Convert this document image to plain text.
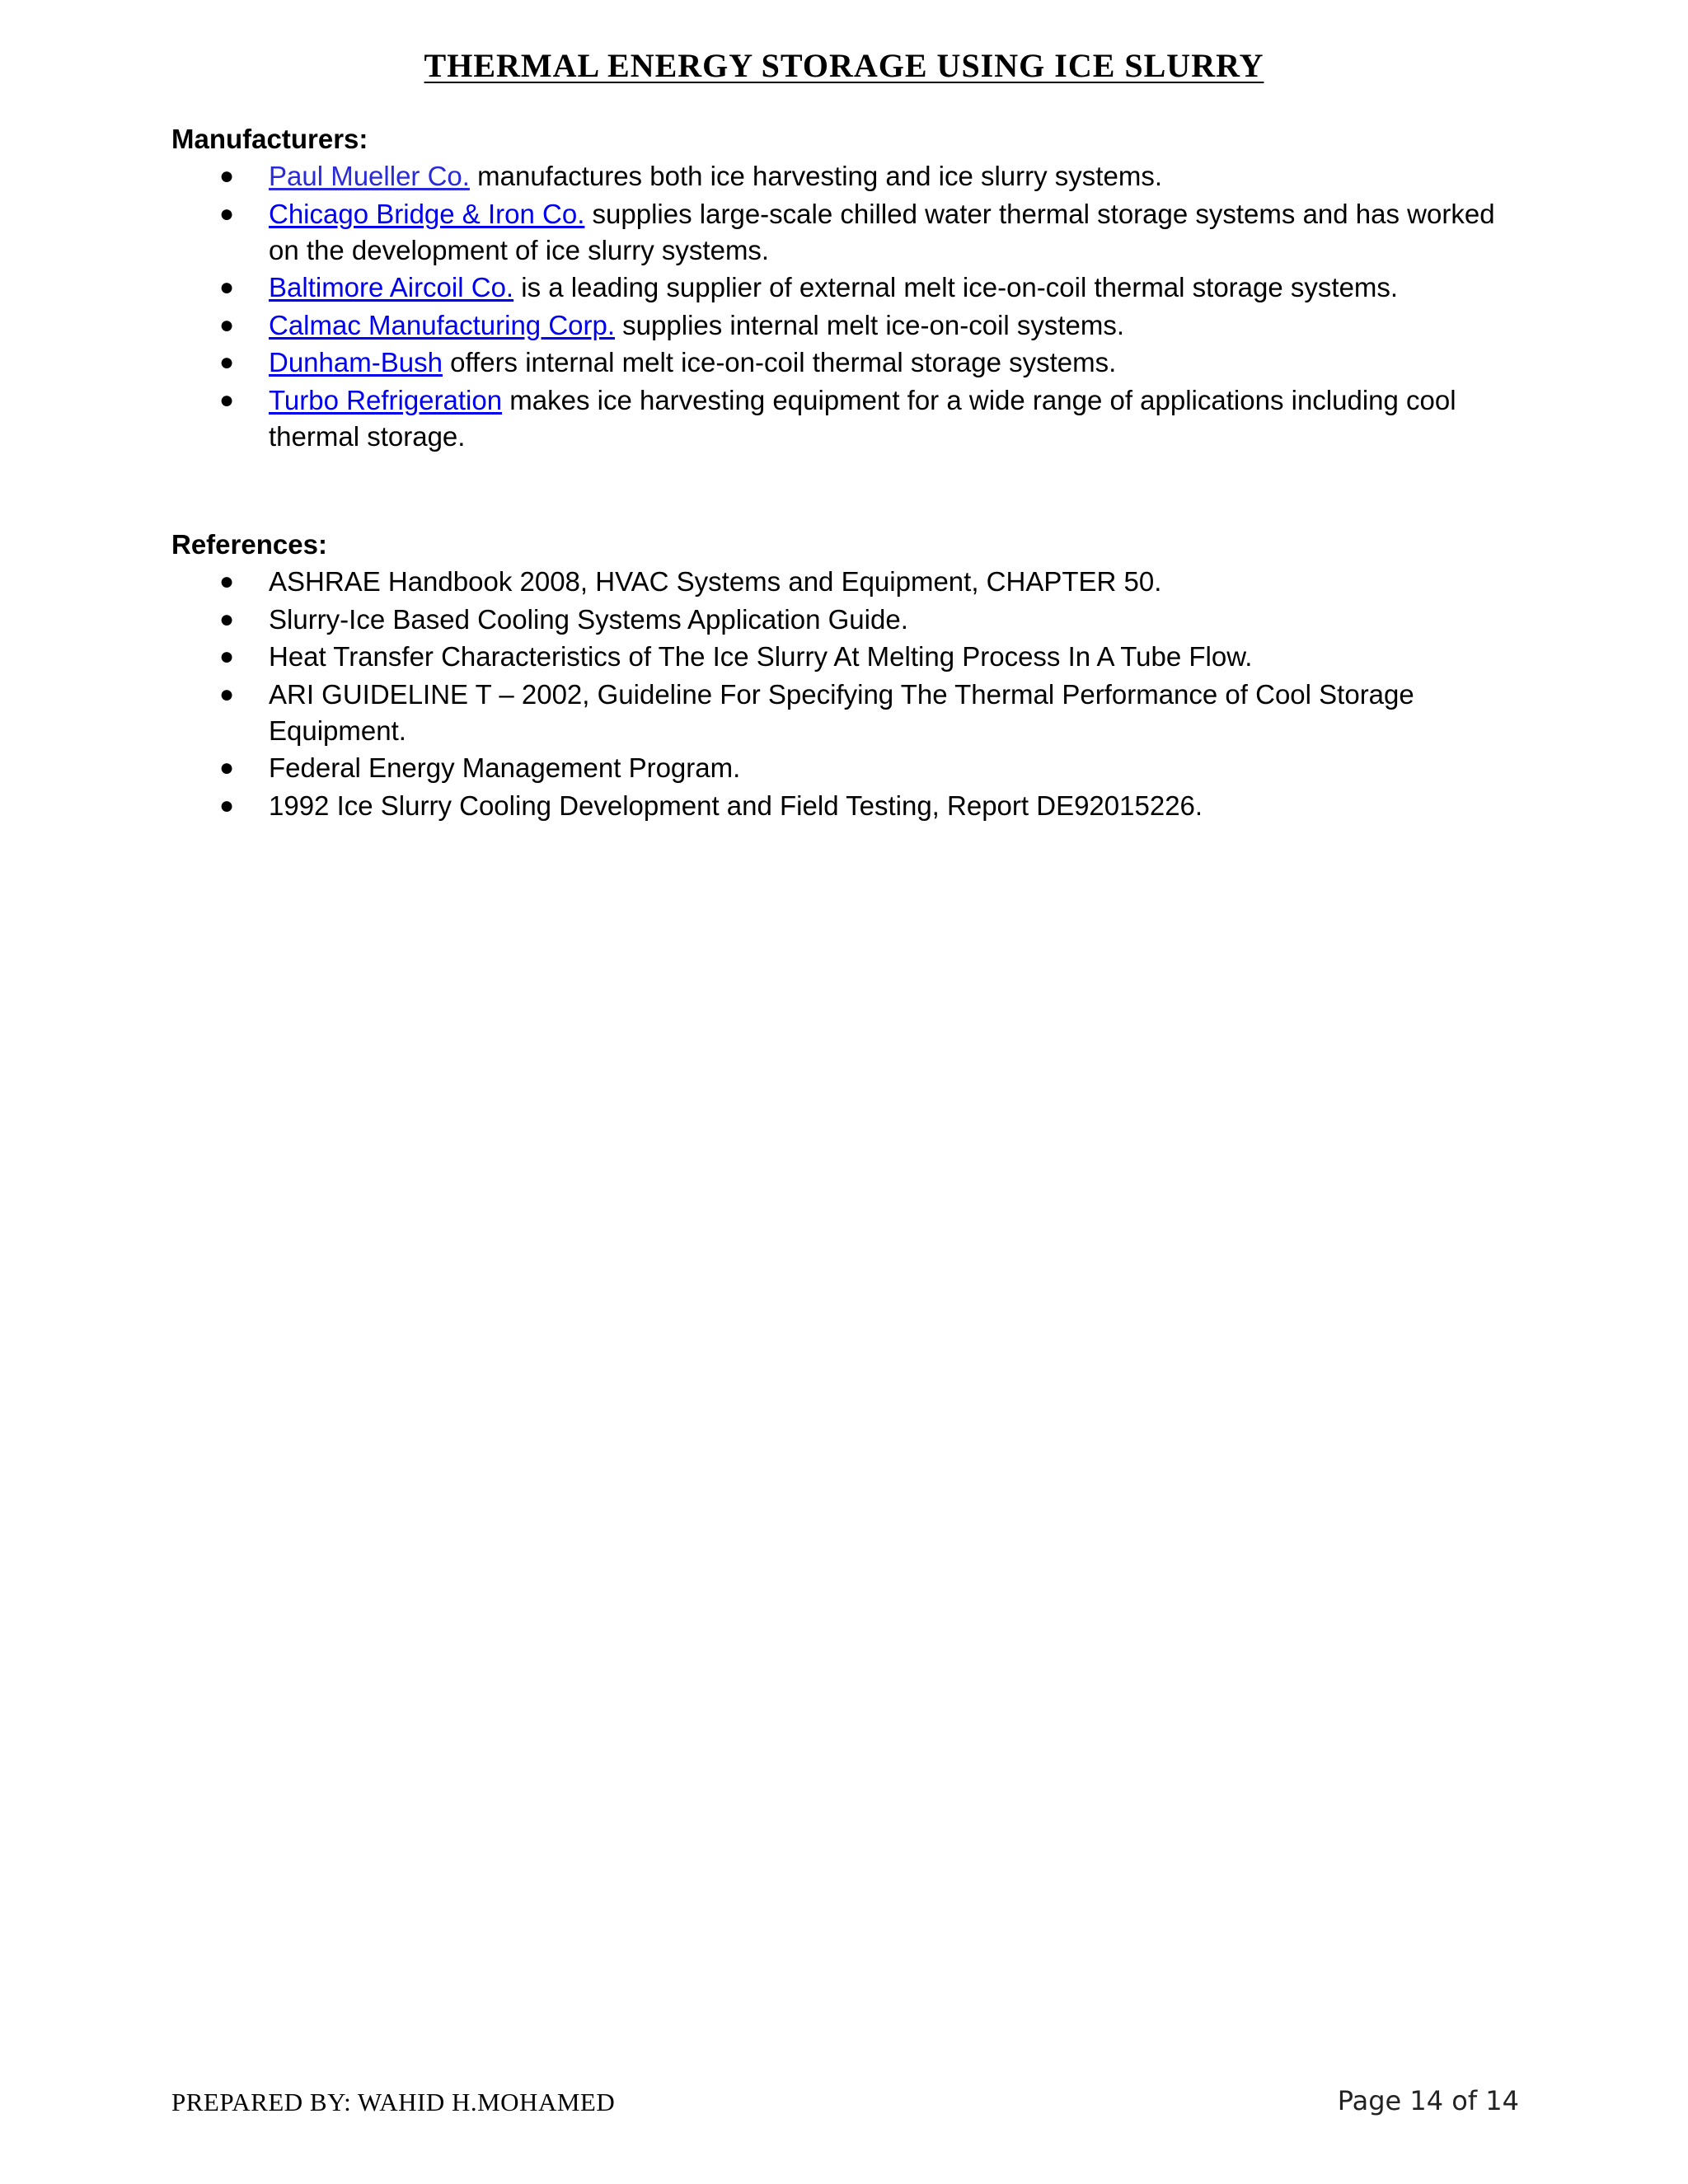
THERMAL ENERGY STORAGE USING ICE SLURRY

Manufacturers:

● Paul Mueller Co. manufactures both ice harvesting and ice slurry systems.
● Chicago Bridge & Iron Co. supplies large-scale chilled water thermal storage systems and has worked on the development of ice slurry systems.
● Baltimore Aircoil Co. is a leading supplier of external melt ice-on-coil thermal storage systems.
● Calmac Manufacturing Corp. supplies internal melt ice-on-coil systems.
● Dunham-Bush offers internal melt ice-on-coil thermal storage systems.
● Turbo Refrigeration makes ice harvesting equipment for a wide range of applications including cool thermal storage.

References:

● ASHRAE Handbook 2008, HVAC Systems and Equipment, CHAPTER 50.
● Slurry-Ice Based Cooling Systems Application Guide.
● Heat Transfer Characteristics of The Ice Slurry At Melting Process In A Tube Flow.
● ARI GUIDELINE T – 2002, Guideline For Specifying The Thermal Performance of Cool Storage Equipment.
● Federal Energy Management Program.
● 1992 Ice Slurry Cooling Development and Field Testing, Report DE92015226.
PREPARED BY: WAHID H.MOHAMED	Page 14 of 14
